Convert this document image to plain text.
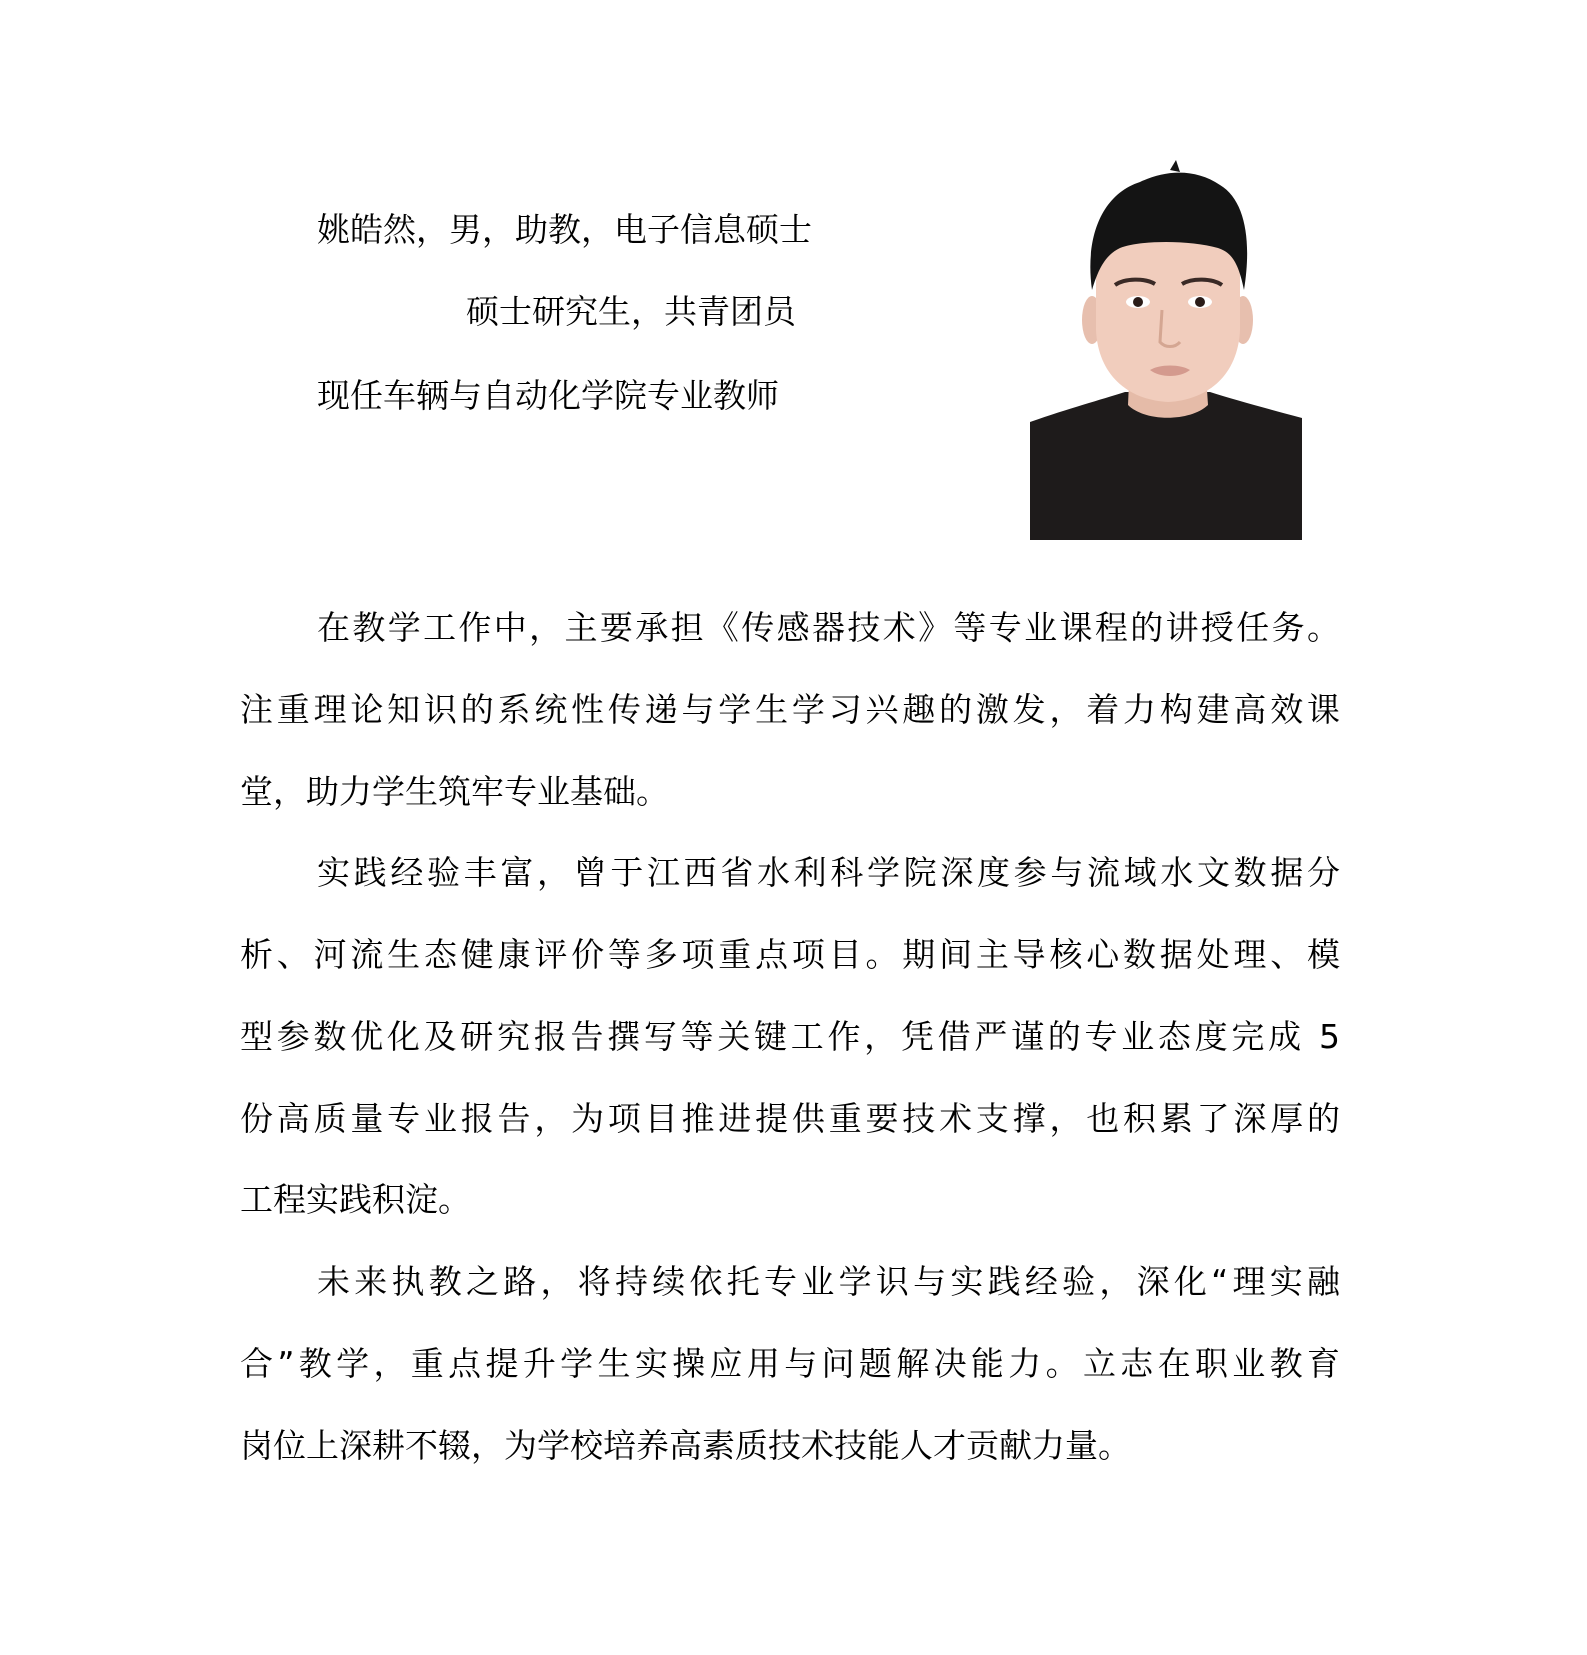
姚皓然，男，助教，电子信息硕士
硕士研究生，共青团员
现任车辆与自动化学院专业教师
在教学工作中，主要承担《传感器技术》等专业课程的讲授任务。
注重理论知识的系统性传递与学生学习兴趣的激发，着力构建高效课
堂，助力学生筑牢专业基础。
实践经验丰富，曾于江西省水利科学院深度参与流域水文数据分
析、河流生态健康评价等多项重点项目。期间主导核心数据处理、模
型参数优化及研究报告撰写等关键工作，凭借严谨的专业态度完成 5
份高质量专业报告，为项目推进提供重要技术支撑，也积累了深厚的
工程实践积淀。
未来执教之路，将持续依托专业学识与实践经验，深化“理实融
合”教学，重点提升学生实操应用与问题解决能力。立志在职业教育
岗位上深耕不辍，为学校培养高素质技术技能人才贡献力量。
